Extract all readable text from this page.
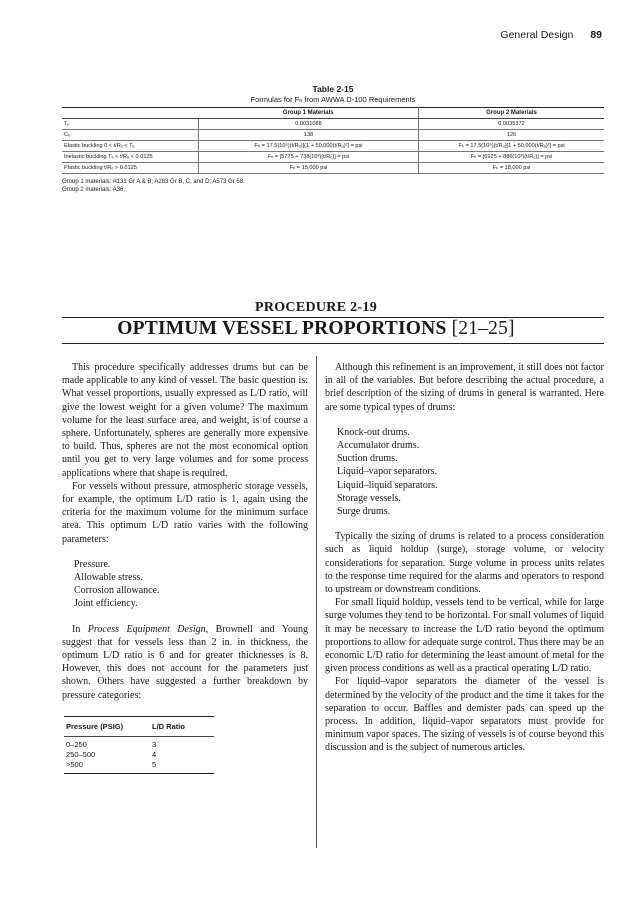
General Design 89
Table 2-15
Formulas for Fₕ from AWWA D-100 Requirements
	Group 1 Materials	Group 2 Materials
Tₑ	0.0031088	0.0035372
Cₑ	138	126
Elastic buckling 0 < t/Rₒ < Tₑ	Fₕ = 17.5(10⁵)(t/Rₒ)[(1 + 50,000(t/Rₒ)²] = psi	Fₕ = 17.5(10⁵)(t/Rₒ)[1 + 50,000(t/Rₒ)²] = psi
Inelastic buckling Tₑ < t/Rₒ < 0.0125	Fₕ = [5775 + 738(10³)(t/Rₒ)] = psi	Fₕ = [6925 + 886(10³)(t/Rₒ)] = psi
Plastic buckling t/Rₒ > 0.0125	Fₕ = 15,000 psi	Fₕ = 18,000 psi
Group 1 materials: A131 Gr A & B; A283 Gr B, C, and D; A573 Gr 58.
Group 2 materials: A36.
PROCEDURE 2-19
OPTIMUM VESSEL PROPORTIONS [21–25]

This procedure specifically addresses drums but can be made applicable to any kind of vessel. The basic question is: What vessel proportions, usually expressed as L/D ratio, will give the lowest weight for a given volume? The maximum volume for the least surface area, and weight, is of course a sphere. Unfortunately, spheres are generally more expensive to build. Thus, spheres are not the most economical option until you get to very large volumes and for some process applications where that shape is required.

For vessels without pressure, atmospheric storage vessels, for example, the optimum L/D ratio is 1, again using the criteria for the maximum volume for the minimum surface area. This optimum L/D ratio varies with the following parameters:

Pressure.
Allowable stress.
Corrosion allowance.
Joint efficiency.

In Process Equipment Design, Brownell and Young suggest that for vessels less than 2 in. in thickness, the optimum L/D ratio is 6 and for greater thicknesses is 8. However, this does not account for the parameters just shown. Others have suggested a further breakdown by pressure categories:

Pressure (PSIG)	L/D Ratio
0–250	3
250–500	4
>500	5

Although this refinement is an improvement, it still does not factor in all of the variables. But before describing the actual procedure, a brief description of the sizing of drums in general is warranted. Here are some typical types of drums:

Knock-out drums.
Accumulator drums.
Suction drums.
Liquid–vapor separators.
Liquid–liquid separators.
Storage vessels.
Surge drums.

Typically the sizing of drums is related to a process consideration such as liquid holdup (surge), storage volume, or velocity considerations for separation. Surge volume in process units relates to the response time required for the alarms and operators to respond to upstream or downstream conditions.

For small liquid holdup, vessels tend to be vertical, while for large surge volumes they tend to be horizontal. For small volumes of liquid it may be necessary to increase the L/D ratio beyond the optimum proportions to allow for adequate surge control. Thus there may be an economic L/D ratio for determining the least amount of metal for the given process conditions as well as a practical operating L/D ratio.

For liquid–vapor separators the diameter of the vessel is determined by the velocity of the product and the time it takes for the separation to occur. Baffles and demister pads can speed up the process. In addition, liquid–vapor separators must provide for minimum vapor spaces. The sizing of vessels is of course beyond this discussion and is the subject of numerous articles.
